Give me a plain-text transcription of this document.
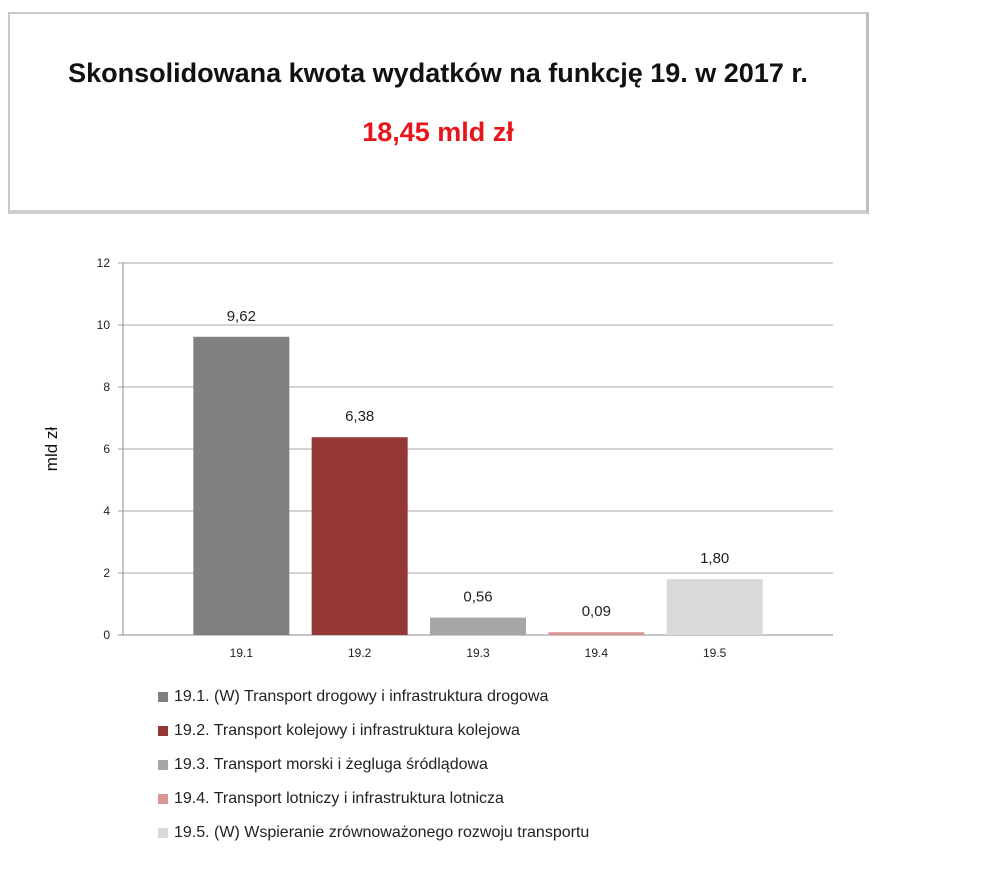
Skonsolidowana kwota wydatków na funkcję 19. w 2017 r.
18,45 mld zł
0
2
4
6
8
10
12
19.1	19.2	19.3	19.4	19.5
9,62
6,38
0,56
0,09
1,80
mld zł
19.1. (W) Transport drogowy i infrastruktura drogowa
19.2. Transport kolejowy i infrastruktura kolejowa
19.3. Transport morski i żegluga śródlądowa
19.4. Transport lotniczy i infrastruktura lotnicza
19.5. (W) Wspieranie zrównoważonego rozwoju transportu
